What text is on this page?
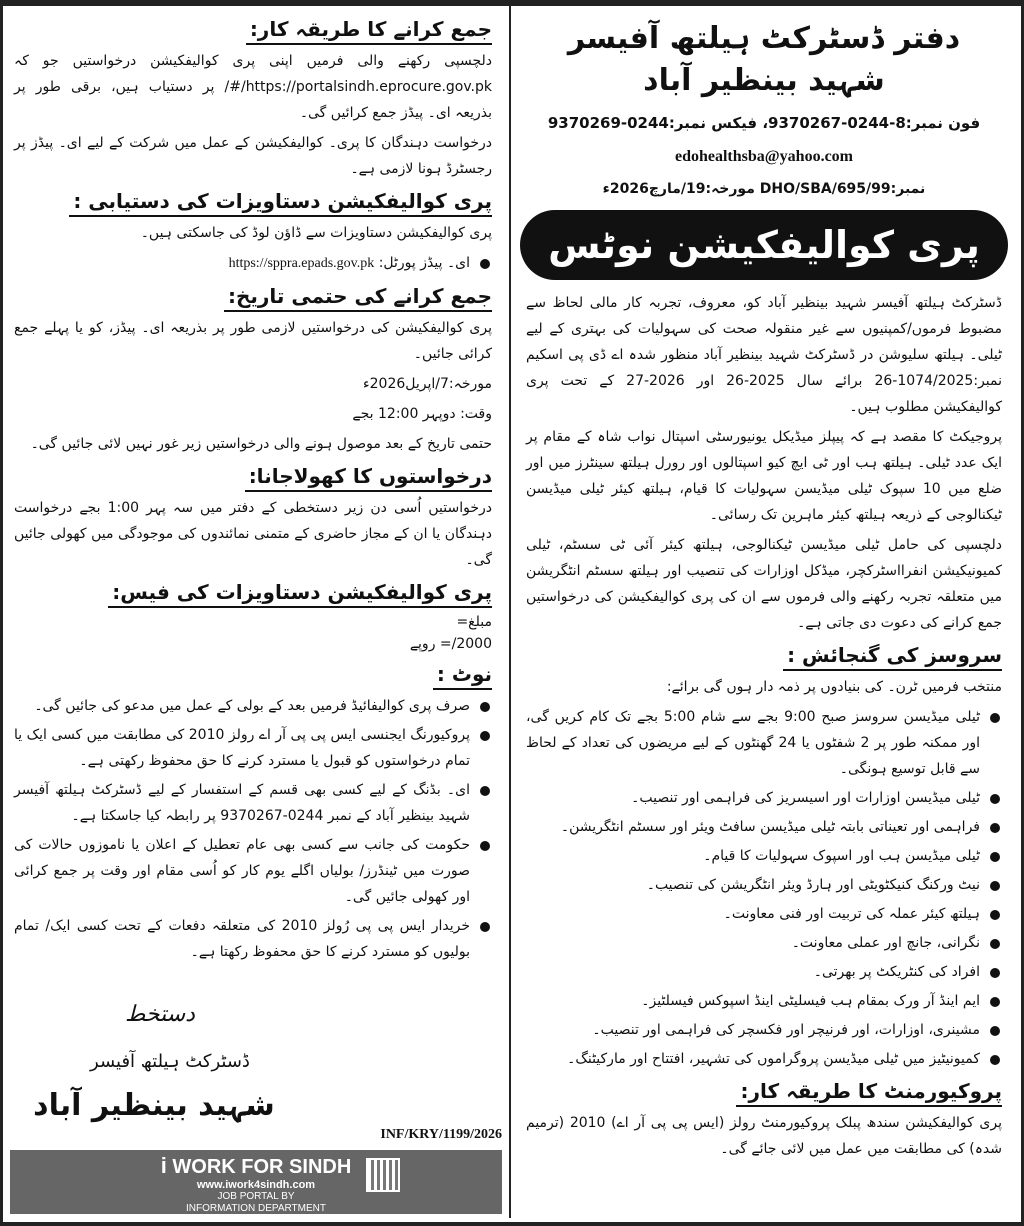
دفتر ڈسٹرکٹ ہیلتھ آفیسر
شہید بینظیر آباد
فون نمبر:8-0244-9370267، فیکس نمبر:0244-9370269
edohealthsba@yahoo.com
نمبر:DHO/SBA/695/99 مورخہ:19/مارچ2026ء
پری کوالیفکیشن نوٹس
ڈسٹرکٹ ہیلتھ آفیسر شہید بینظیر آباد کو، معروف، تجربہ کار مالی لحاظ سے مضبوط فرموں/کمپنیوں سے غیر منقولہ صحت کی سہولیات کی بہتری کے لیے ٹیلی۔ ہیلتھ سلیوشن در ڈسٹرکٹ شہید بینظیر آباد منظور شدہ اے ڈی پی اسکیم نمبر:1074/2025-26 برائے سال 2025-26 اور 2026-27 کے تحت پری کوالیفکیشن مطلوب ہیں۔
پروجیکٹ کا مقصد ہے کہ پیپلز میڈیکل یونیورسٹی اسپتال نواب شاہ کے مقام پر ایک عدد ٹیلی۔ ہیلتھ ہب اور ٹی ایچ کیو اسپتالوں اور رورل ہیلتھ سینٹرز میں اور ضلع میں 10 سپوک ٹیلی میڈیسن سہولیات کا قیام، ہیلتھ کیئر ٹیلی میڈیسن ٹیکنالوجی کے ذریعہ ہیلتھ کیئر ماہرین تک رسائی۔
دلچسپی کی حامل ٹیلی میڈیسن ٹیکنالوجی، ہیلتھ کیئر آئی ٹی سسٹم، ٹیلی کمیونیکیشن انفرااسٹرکچر، میڈکل اوزارات کی تنصیب اور ہیلتھ سسٹم انٹگریشن میں متعلقہ تجربہ رکھنے والی فرموں سے ان کی پری کوالیفکیشن کی درخواستیں جمع کرانے کی دعوت دی جاتی ہے۔
سروسز کی گنجائش :
منتخب فرمیں ٹرن۔ کی بنیادوں پر ذمہ دار ہوں گی برائے:
ٹیلی میڈیسن سروسز صبح 9:00 بجے سے شام 5:00 بجے تک کام کریں گی، اور ممکنہ طور پر 2 شفٹوں یا 24 گھنٹوں کے لیے مریضوں کی تعداد کے لحاظ سے قابل توسیع ہونگی۔
ٹیلی میڈیسن اوزارات اور اسیسریز کی فراہمی اور تنصیب۔
فراہمی اور تعیناتی بابتہ ٹیلی میڈیسن سافٹ ویئر اور سسٹم انٹگریشن۔
ٹیلی میڈیسن ہب اور اسپوک سہولیات کا قیام۔
نیٹ ورکنگ کنیکٹویٹی اور ہارڈ ویئر انٹگریشن کی تنصیب۔
ہیلتھ کیئر عملہ کی تربیت اور فنی معاونت۔
نگرانی، جانچ اور عملی معاونت۔
افراد کی کنٹریکٹ پر بھرتی۔
ایم اینڈ آر ورک بمقام ہب فیسلیٹی اینڈ اسپوکس فیسلٹیز۔
مشینری، اوزارات، اور فرنیچر اور فکسچر کی فراہمی اور تنصیب۔
کمیونیٹیز میں ٹیلی میڈیسن پروگراموں کی تشہیر، افتتاح اور مارکیٹنگ۔
پروکیورمنٹ کا طریقہ کار:
پری کوالیفکیشن سندھ پبلک پروکیورمنٹ رولز (ایس پی پی آر اے) 2010 (ترمیم شدہ) کی مطابقت میں عمل میں لائی جائے گی۔
جمع کرانے کا طریقہ کار:
دلچسپی رکھنے والی فرمیں اپنی پری کوالیفکیشن درخواستیں جو کہ https://portalsindh.eprocure.gov.pk/#/ پر دستیاب ہیں، برقی طور پر بذریعہ ای۔ پیڈز جمع کرائیں گی۔
درخواست دہندگان کا پری۔ کوالیفکیشن کے عمل میں شرکت کے لیے ای۔ پیڈز پر رجسٹرڈ ہونا لازمی ہے۔
پری کوالیفکیشن دستاویزات کی دستیابی :
پری کوالیفکیشن دستاویزات سے ڈاؤن لوڈ کی جاسکتی ہیں۔
ای۔ پیڈز پورٹل: https://sppra.epads.gov.pk
جمع کرانے کی حتمی تاریخ:
پری کوالیفکیشن کی درخواستیں لازمی طور پر بذریعہ ای۔ پیڈز، کو یا پہلے جمع کرائی جائیں۔
مورخہ:7/اپریل2026ء
وقت: دوپہر 12:00 بجے
حتمی تاریخ کے بعد موصول ہونے والی درخواستیں زیر غور نہیں لائی جائیں گی۔
درخواستوں کا کھولاجانا:
درخواستیں اُسی دن زیر دستخطی کے دفتر میں سہ پہر 1:00 بجے درخواست دہندگان یا ان کے مجاز حاضری کے متمنی نمائندوں کی موجودگی میں کھولی جائیں گی۔
پری کوالیفکیشن دستاویزات کی فیس:
مبلغ=
2000/= روپے
نوٹ :
صرف پری کوالیفائیڈ فرمیں بعد کے بولی کے عمل میں مدعو کی جائیں گی۔
پروکیورنگ ایجنسی ایس پی پی آر اے رولز 2010 کی مطابقت میں کسی ایک یا تمام درخواستوں کو قبول یا مسترد کرنے کا حق محفوظ رکھتی ہے۔
ای۔ بڈنگ کے لیے کسی بھی قسم کے استفسار کے لیے ڈسٹرکٹ ہیلتھ آفیسر شہید بینظیر آباد کے نمبر 0244-9370267 پر رابطہ کیا جاسکتا ہے۔
حکومت کی جانب سے کسی بھی عام تعطیل کے اعلان یا ناموزوں حالات کی صورت میں ٹینڈرز/ بولیاں اگلے یوم کار کو اُسی مقام اور وقت پر جمع کرائی اور کھولی جائیں گی۔
خریدار ایس پی پی رُولز 2010 کی متعلقہ دفعات کے تحت کسی ایک/ تمام بولیوں کو مسترد کرنے کا حق محفوظ رکھتا ہے۔
دستخط
ڈسٹرکٹ ہیلتھ آفیسر
شہید بینظیر آباد
INF/KRY/1199/2026
i WORK FOR SINDH
www.iwork4sindh.com
JOB PORTAL BY
INFORMATION DEPARTMENT
